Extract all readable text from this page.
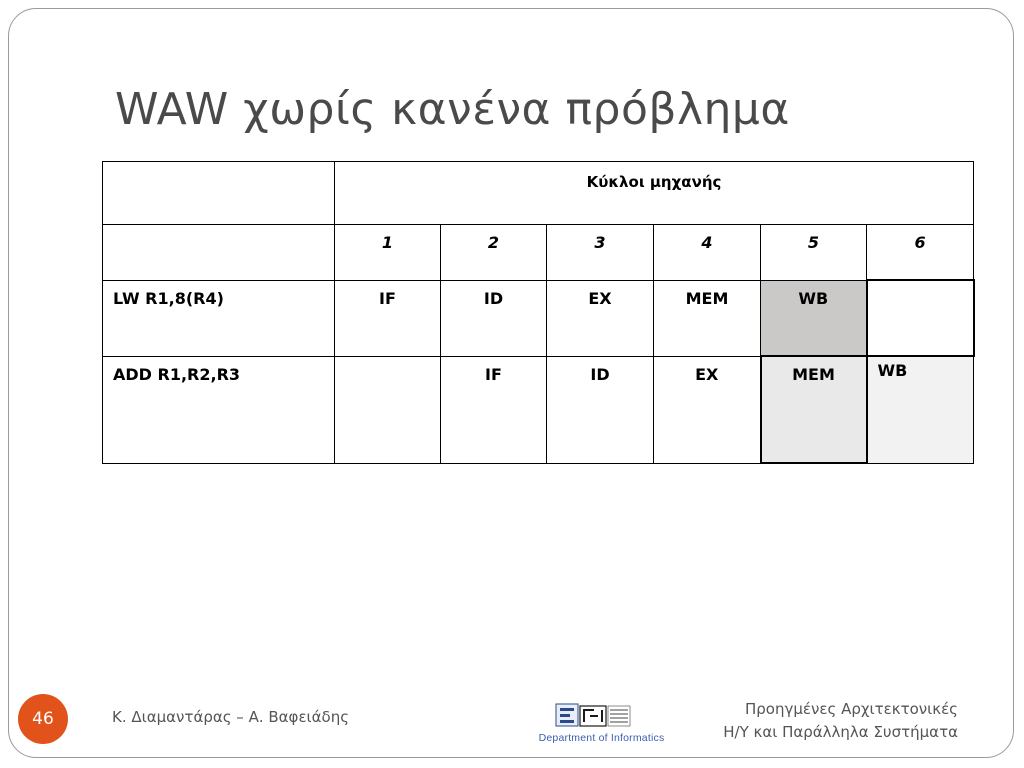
WAW χωρίς κανένα πρόβλημα

	Κύκλοι μηχανής					

	1	2	3	4	5	6

LW R1,8(R4)	IF	ID	EX	MEM	WB	

ADD R1,R2,R3		IF	ID	EX	MEM	WB
46	Κ. Διαμαντάρας – Α. Βαφειάδης
Department of Informatics
Προηγμένες Αρχιτεκτονικές
Η/Υ και Παράλληλα Συστήματα
